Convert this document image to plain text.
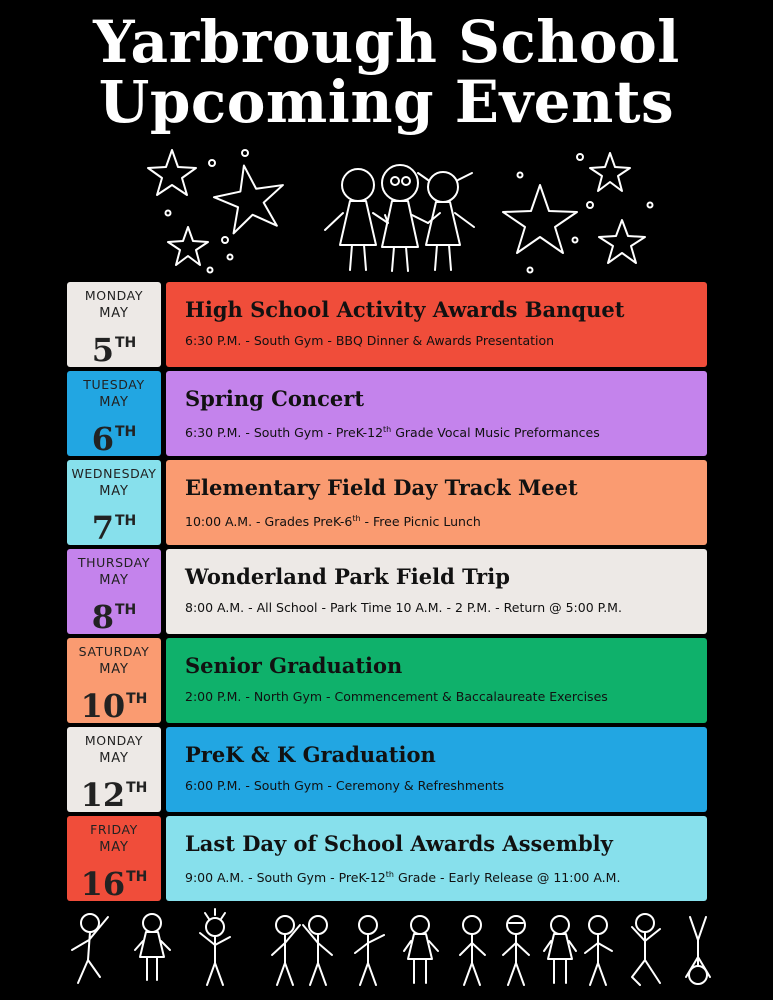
Yarbrough School
Upcoming Events
MONDAY
MAY
5TH
High School Activity Awards Banquet
6:30 P.M. - South Gym - BBQ Dinner & Awards Presentation
TUESDAY
MAY
6TH
Spring Concert
6:30 P.M. - South Gym - PreK-12th Grade Vocal Music Preformances
WEDNESDAY
MAY
7TH
Elementary Field Day Track Meet
10:00 A.M. - Grades PreK-6th - Free Picnic Lunch
THURSDAY
MAY
8TH
Wonderland Park Field Trip
8:00 A.M. - All School - Park Time 10 A.M. - 2 P.M. - Return @ 5:00 P.M.
SATURDAY
MAY
10TH
Senior Graduation
2:00 P.M. - North Gym - Commencement & Baccalaureate Exercises
MONDAY
MAY
12TH
PreK & K Graduation
6:00 P.M. - South Gym - Ceremony & Refreshments
FRIDAY
MAY
16TH
Last Day of School Awards Assembly
9:00 A.M. - South Gym - PreK-12th Grade - Early Release @ 11:00 A.M.
